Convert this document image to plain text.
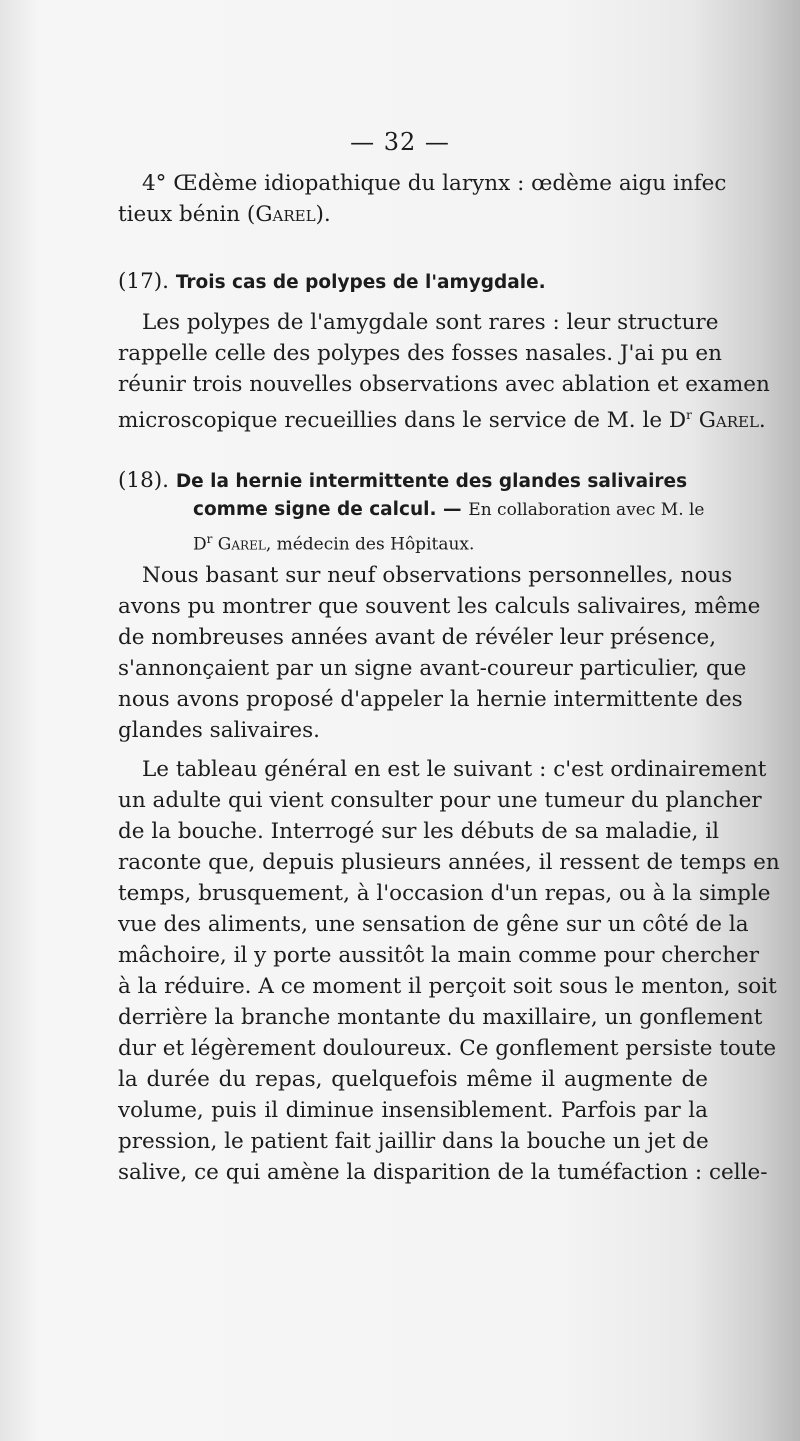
— 32 —
4° Œdème idiopathique du larynx : œdème aigu infec
tieux bénin (Garel).
(17). Trois cas de polypes de l'amygdale.
Les polypes de l'amygdale sont rares : leur structure
rappelle celle des polypes des fosses nasales. J'ai pu en
réunir trois nouvelles observations avec ablation et examen
microscopique recueillies dans le service de M. le $D^r$ Garel.
(18). De la hernie intermittente des glandes salivaires
comme signe de calcul. — En collaboration avec M. le
$D^r$ Garel, médecin des Hôpitaux.
Nous basant sur neuf observations personnelles, nous
avons pu montrer que souvent les calculs salivaires, même
de nombreuses années avant de révéler leur présence,
s'annonçaient par un signe avant-coureur particulier, que
nous avons proposé d'appeler la hernie intermittente des
glandes salivaires.
Le tableau général en est le suivant : c'est ordinairement
un adulte qui vient consulter pour une tumeur du plancher
de la bouche. Interrogé sur les débuts de sa maladie, il
raconte que, depuis plusieurs années, il ressent de temps en
temps, brusquement, à l'occasion d'un repas, ou à la simple
vue des aliments, une sensation de gêne sur un côté de la
mâchoire, il y porte aussitôt la main comme pour chercher
à la réduire. A ce moment il perçoit soit sous le menton, soit
derrière la branche montante du maxillaire, un gonflement
dur et légèrement douloureux. Ce gonflement persiste toute
la durée du repas, quelquefois même il augmente de
volume, puis il diminue insensiblement. Parfois par la
pression, le patient fait jaillir dans la bouche un jet de
salive, ce qui amène la disparition de la tuméfaction : celle-
